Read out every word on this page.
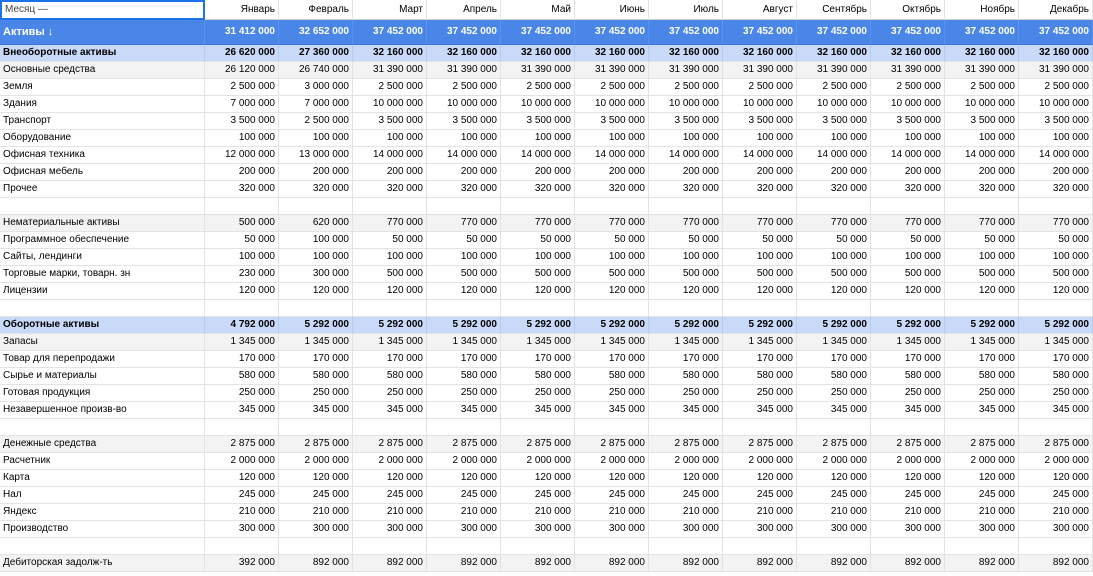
Месяц —	Январь	Февраль	Март	Апрель	Май	Июнь	Июль	Август	Сентябрь	Октябрь	Ноябрь	Декабрь
Активы ↓	31 412 000	32 652 000	37 452 000	37 452 000	37 452 000	37 452 000	37 452 000	37 452 000	37 452 000	37 452 000	37 452 000	37 452 000
Внеоборотные активы	26 620 000	27 360 000	32 160 000	32 160 000	32 160 000	32 160 000	32 160 000	32 160 000	32 160 000	32 160 000	32 160 000	32 160 000
Основные средства	26 120 000	26 740 000	31 390 000	31 390 000	31 390 000	31 390 000	31 390 000	31 390 000	31 390 000	31 390 000	31 390 000	31 390 000
Земля	2 500 000	3 000 000	2 500 000	2 500 000	2 500 000	2 500 000	2 500 000	2 500 000	2 500 000	2 500 000	2 500 000	2 500 000
Здания	7 000 000	7 000 000	10 000 000	10 000 000	10 000 000	10 000 000	10 000 000	10 000 000	10 000 000	10 000 000	10 000 000	10 000 000
Транспорт	3 500 000	2 500 000	3 500 000	3 500 000	3 500 000	3 500 000	3 500 000	3 500 000	3 500 000	3 500 000	3 500 000	3 500 000
Оборудование	100 000	100 000	100 000	100 000	100 000	100 000	100 000	100 000	100 000	100 000	100 000	100 000
Офисная техника	12 000 000	13 000 000	14 000 000	14 000 000	14 000 000	14 000 000	14 000 000	14 000 000	14 000 000	14 000 000	14 000 000	14 000 000
Офисная мебель	200 000	200 000	200 000	200 000	200 000	200 000	200 000	200 000	200 000	200 000	200 000	200 000
Прочее	320 000	320 000	320 000	320 000	320 000	320 000	320 000	320 000	320 000	320 000	320 000	320 000
Нематериальные активы	500 000	620 000	770 000	770 000	770 000	770 000	770 000	770 000	770 000	770 000	770 000	770 000
Программное обеспечение	50 000	100 000	50 000	50 000	50 000	50 000	50 000	50 000	50 000	50 000	50 000	50 000
Сайты, лендинги	100 000	100 000	100 000	100 000	100 000	100 000	100 000	100 000	100 000	100 000	100 000	100 000
Торговые марки, товарн. зн	230 000	300 000	500 000	500 000	500 000	500 000	500 000	500 000	500 000	500 000	500 000	500 000
Лицензии	120 000	120 000	120 000	120 000	120 000	120 000	120 000	120 000	120 000	120 000	120 000	120 000
Оборотные активы	4 792 000	5 292 000	5 292 000	5 292 000	5 292 000	5 292 000	5 292 000	5 292 000	5 292 000	5 292 000	5 292 000	5 292 000
Запасы	1 345 000	1 345 000	1 345 000	1 345 000	1 345 000	1 345 000	1 345 000	1 345 000	1 345 000	1 345 000	1 345 000	1 345 000
Товар для перепродажи	170 000	170 000	170 000	170 000	170 000	170 000	170 000	170 000	170 000	170 000	170 000	170 000
Сырье и материалы	580 000	580 000	580 000	580 000	580 000	580 000	580 000	580 000	580 000	580 000	580 000	580 000
Готовая продукция	250 000	250 000	250 000	250 000	250 000	250 000	250 000	250 000	250 000	250 000	250 000	250 000
Незавершенное произв-во	345 000	345 000	345 000	345 000	345 000	345 000	345 000	345 000	345 000	345 000	345 000	345 000
Денежные средства	2 875 000	2 875 000	2 875 000	2 875 000	2 875 000	2 875 000	2 875 000	2 875 000	2 875 000	2 875 000	2 875 000	2 875 000
Расчетник	2 000 000	2 000 000	2 000 000	2 000 000	2 000 000	2 000 000	2 000 000	2 000 000	2 000 000	2 000 000	2 000 000	2 000 000
Карта	120 000	120 000	120 000	120 000	120 000	120 000	120 000	120 000	120 000	120 000	120 000	120 000
Нал	245 000	245 000	245 000	245 000	245 000	245 000	245 000	245 000	245 000	245 000	245 000	245 000
Яндекс	210 000	210 000	210 000	210 000	210 000	210 000	210 000	210 000	210 000	210 000	210 000	210 000
Производство	300 000	300 000	300 000	300 000	300 000	300 000	300 000	300 000	300 000	300 000	300 000	300 000
Дебиторская задолж-ть	392 000	892 000	892 000	892 000	892 000	892 000	892 000	892 000	892 000	892 000	892 000	892 000
